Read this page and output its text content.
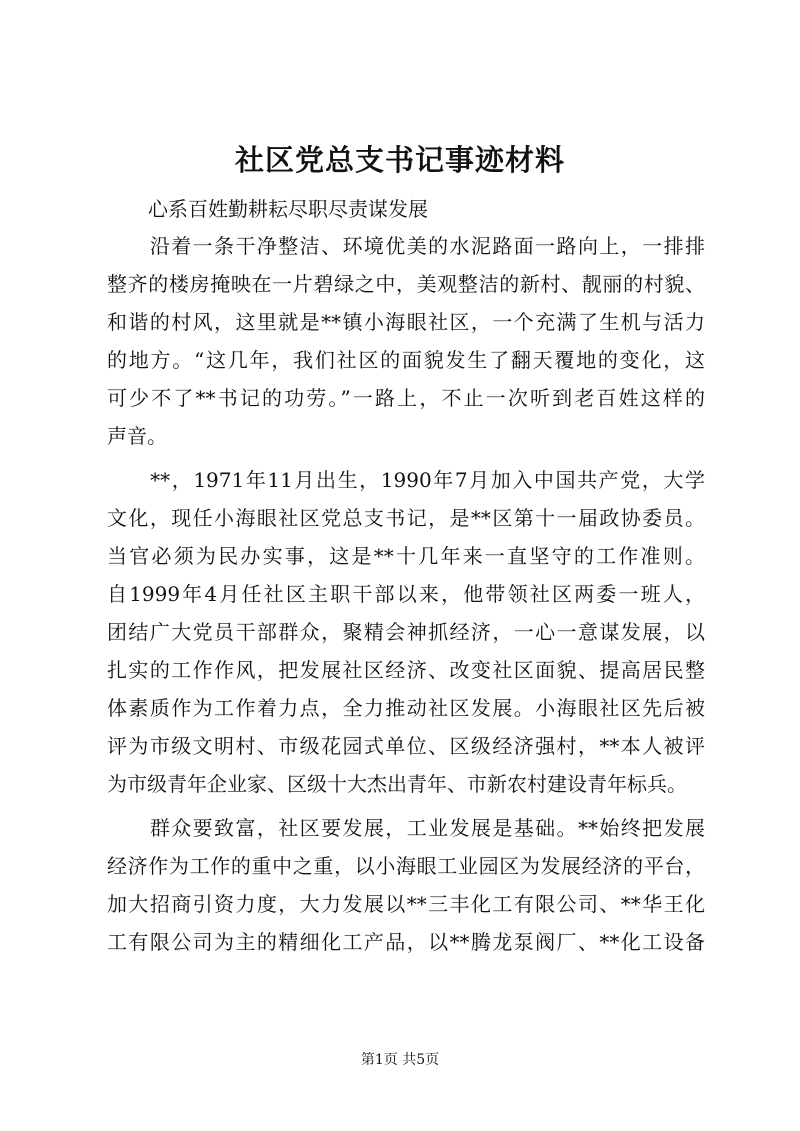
社区党总支书记事迹材料
心系百姓勤耕耘尽职尽责谋发展
　　沿着一条干净整洁、环境优美的水泥路面一路向上，一排排
整齐的楼房掩映在一片碧绿之中，美观整洁的新村、靓丽的村貌、
和谐的村风，这里就是**镇小海眼社区，一个充满了生机与活力
的地方。“这几年，我们社区的面貌发生了翻天覆地的变化，这
可少不了**书记的功劳。”一路上，不止一次听到老百姓这样的
声音。
　　**，1971年11月出生，1990年7月加入中国共产党，大学
文化，现任小海眼社区党总支书记，是**区第十一届政协委员。
当官必须为民办实事，这是**十几年来一直坚守的工作准则。
自1999年4月任社区主职干部以来，他带领社区两委一班人，
团结广大党员干部群众，聚精会神抓经济，一心一意谋发展，以
扎实的工作作风，把发展社区经济、改变社区面貌、提高居民整
体素质作为工作着力点，全力推动社区发展。小海眼社区先后被
评为市级文明村、市级花园式单位、区级经济强村，**本人被评
为市级青年企业家、区级十大杰出青年、市新农村建设青年标兵。
　　群众要致富，社区要发展，工业发展是基础。**始终把发展
经济作为工作的重中之重，以小海眼工业园区为发展经济的平台，
加大招商引资力度，大力发展以**三丰化工有限公司、**华王化
工有限公司为主的精细化工产品，以**腾龙泵阀厂、**化工设备
第1页 共5页
